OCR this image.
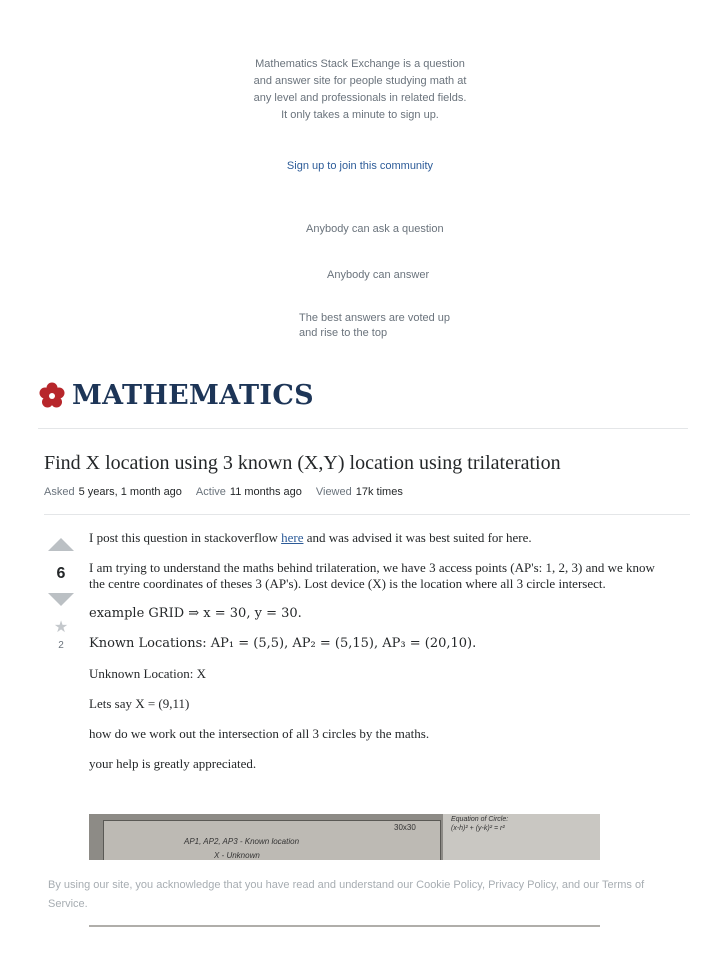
Mathematics Stack Exchange is a question and answer site for people studying math at any level and professionals in related fields. It only takes a minute to sign up.
Sign up to join this community
Anybody can ask a question
Anybody can answer
The best answers are voted up and rise to the top
MATHEMATICS
Find X location using 3 known (X,Y) location using trilateration
Asked 5 years, 1 month ago Active 11 months ago Viewed 17k times
6
★
2

I post this question in stackoverflow here and was advised it was best suited for here.

I am trying to understand the maths behind trilateration, we have 3 access points (AP's: 1, 2, 3) and we know the centre coordinates of theses 3 (AP's). Lost device (X) is the location where all 3 circle intersect.

example GRID ⇒ x = 30, y = 30.

Known Locations: AP₁ = (5,5), AP₂ = (5,15), AP₃ = (20,10).

Unknown Location: X

Lets say X = (9,11)

how do we work out the intersection of all 3 circles by the maths.

your help is greatly appreciated.

30x30
AP1, AP2, AP3 - Known location
X - Unknown
Equation of Circle:
(x-h)² + (y-k)² = r²
By using our site, you acknowledge that you have read and understand our Cookie Policy, Privacy Policy, and our Terms of Service.
